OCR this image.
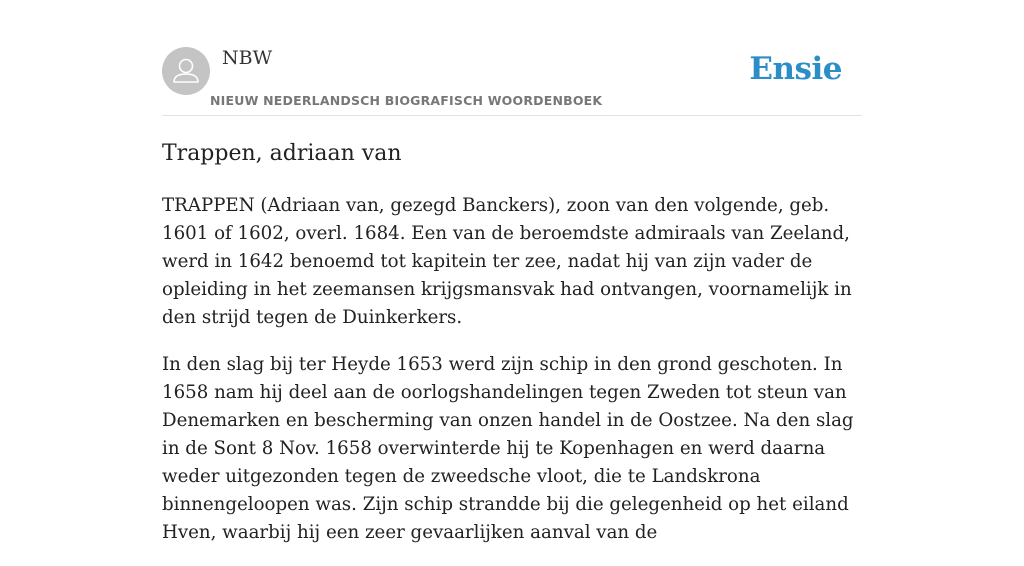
NBW
NIEUW NEDERLANDSCH BIOGRAFISCH WOORDENBOEK
Ensie
Trappen, adriaan van

TRAPPEN (Adriaan van, gezegd Banckers), zoon van den volgende, geb. 1601 of 1602, overl. 1684. Een van de beroemdste admiraals van Zeeland, werd in 1642 benoemd tot kapitein ter zee, nadat hij van zijn vader de opleiding in het zeemansen krijgsmansvak had ontvangen, voornamelijk in den strijd tegen de Duinkerkers.

In den slag bij ter Heyde 1653 werd zijn schip in den grond geschoten. In 1658 nam hij deel aan de oorlogshandelingen tegen Zweden tot steun van Denemarken en bescherming van onzen handel in de Oostzee. Na den slag in de Sont 8 Nov. 1658 overwinterde hij te Kopenhagen en werd daarna weder uitgezonden tegen de zweedsche vloot, die te Landskrona binnengeloopen was. Zijn schip strandde bij die gelegenheid op het eiland Hven, waarbij hij een zeer gevaarlijken aanval van de
